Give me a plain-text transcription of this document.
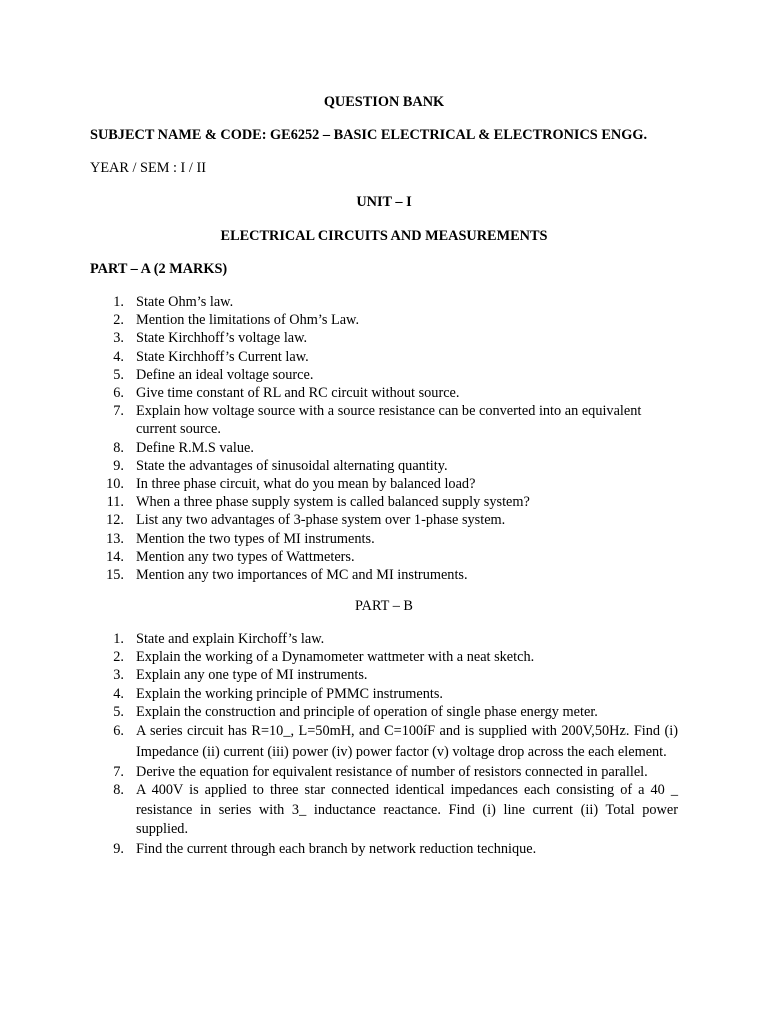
QUESTION BANK
SUBJECT NAME & CODE: GE6252 – BASIC ELECTRICAL & ELECTRONICS ENGG.
YEAR / SEM : I / II
UNIT – I
ELECTRICAL CIRCUITS AND MEASUREMENTS
PART – A (2 MARKS)
1. State Ohm’s law.
2. Mention the limitations of Ohm’s Law.
3. State Kirchhoff’s voltage law.
4. State Kirchhoff’s Current law.
5. Define an ideal voltage source.
6. Give time constant of RL and RC circuit without source.
7. Explain how voltage source with a source resistance can be converted into an equivalent current source.
8. Define R.M.S value.
9. State the advantages of sinusoidal alternating quantity.
10. In three phase circuit, what do you mean by balanced load?
11. When a three phase supply system is called balanced supply system?
12. List any two advantages of 3-phase system over 1-phase system.
13. Mention the two types of MI instruments.
14. Mention any two types of Wattmeters.
15. Mention any two importances of MC and MI instruments.
PART – B
1. State and explain Kirchoff’s law.
2. Explain the working of a Dynamometer wattmeter with a neat sketch.
3. Explain any one type of MI instruments.
4. Explain the working principle of PMMC instruments.
5. Explain the construction and principle of operation of single phase energy meter.
6. A series circuit has R=10_, L=50mH, and C=100íF and is supplied with 200V,50Hz. Find (i) Impedance (ii) current (iii) power (iv) power factor (v) voltage drop across the each element.
7. Derive the equation for equivalent resistance of number of resistors connected in parallel.
8. A 400V is applied to three star connected identical impedances each consisting of a 40 _ resistance in series with 3_ inductance reactance. Find (i) line current (ii) Total power supplied.
9. Find the current through each branch by network reduction technique.
